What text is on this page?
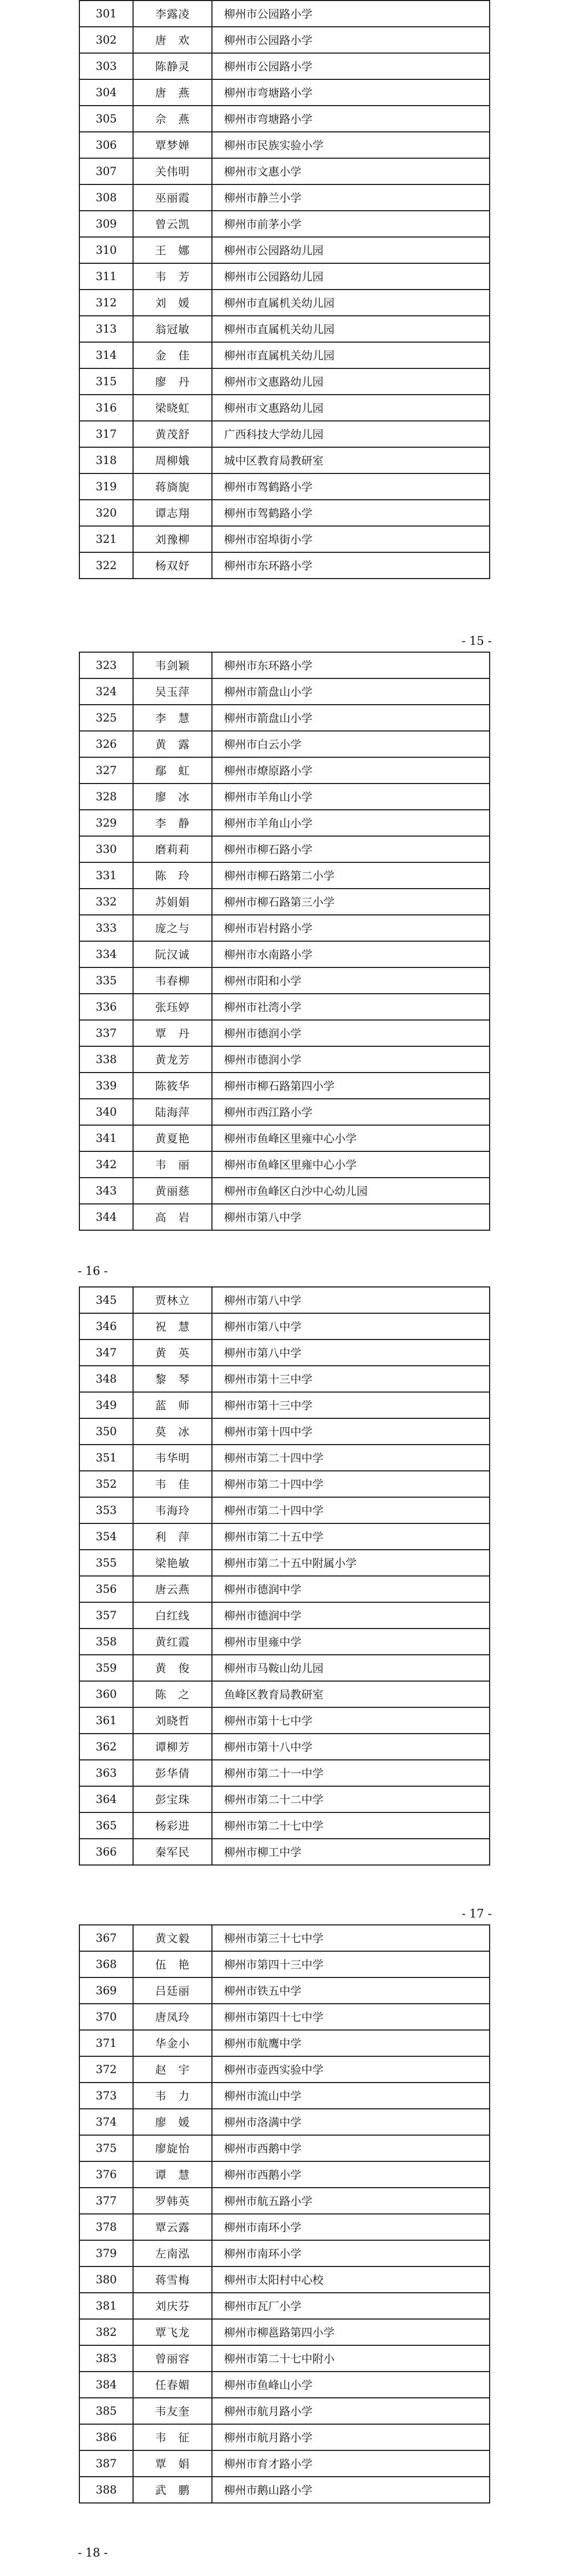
301	李露凌	柳州市公园路小学
302	唐　欢	柳州市公园路小学
303	陈静灵	柳州市公园路小学
304	唐　燕	柳州市弯塘路小学
305	佘　燕	柳州市弯塘路小学
306	覃梦婵	柳州市民族实验小学
307	关伟明	柳州市文惠小学
308	巫丽霞	柳州市静兰小学
309	曾云凯	柳州市前茅小学
310	王　娜	柳州市公园路幼儿园
311	韦　芳	柳州市公园路幼儿园
312	刘　媛	柳州市直属机关幼儿园
313	翁冠敏	柳州市直属机关幼儿园
314	金　佳	柳州市直属机关幼儿园
315	廖　丹	柳州市文惠路幼儿园
316	梁晓虹	柳州市文惠路幼儿园
317	黄茂舒	广西科技大学幼儿园
318	周柳娥	城中区教育局教研室
319	蒋旖旎	柳州市驾鹤路小学
320	谭志翔	柳州市驾鹤路小学
321	刘豫柳	柳州市窑埠街小学
322	杨双妤	柳州市东环路小学
- 15 -
323	韦剑颖	柳州市东环路小学
324	吴玉萍	柳州市箭盘山小学
325	李　慧	柳州市箭盘山小学
326	黄　露	柳州市白云小学
327	鄢　虹	柳州市燎原路小学
328	廖　冰	柳州市羊角山小学
329	李　静	柳州市羊角山小学
330	磨莉莉	柳州市柳石路小学
331	陈　玲	柳州市柳石路第二小学
332	苏娟娟	柳州市柳石路第三小学
333	庞之与	柳州市岩村路小学
334	阮汉诚	柳州市水南路小学
335	韦春柳	柳州市阳和小学
336	张珏婷	柳州市社湾小学
337	覃　丹	柳州市德润小学
338	黄龙芳	柳州市德润小学
339	陈筱华	柳州市柳石路第四小学
340	陆海萍	柳州市西江路小学
341	黄夏艳	柳州市鱼峰区里雍中心小学
342	韦　丽	柳州市鱼峰区里雍中心小学
343	黄丽慈	柳州市鱼峰区白沙中心幼儿园
344	高　岩	柳州市第八中学
- 16 -
345	贾林立	柳州市第八中学
346	祝　慧	柳州市第八中学
347	黄　英	柳州市第八中学
348	黎　琴	柳州市第十三中学
349	蓝　师	柳州市第十三中学
350	莫　冰	柳州市第十四中学
351	韦华明	柳州市第二十四中学
352	韦　佳	柳州市第二十四中学
353	韦海玲	柳州市第二十四中学
354	利　萍	柳州市第二十五中学
355	梁艳敏	柳州市第二十五中附属小学
356	唐云燕	柳州市德润中学
357	白红线	柳州市德润中学
358	黄红霞	柳州市里雍中学
359	黄　俊	柳州市马鞍山幼儿园
360	陈　之	鱼峰区教育局教研室
361	刘晓哲	柳州市第十七中学
362	谭柳芳	柳州市第十八中学
363	彭华倩	柳州市第二十一中学
364	彭宝珠	柳州市第二十二中学
365	杨彩进	柳州市第二十七中学
366	秦军民	柳州市柳工中学
- 17 -
367	黄文毅	柳州市第三十七中学
368	伍　艳	柳州市第四十三中学
369	吕廷丽	柳州市铁五中学
370	唐凤玲	柳州市第四十七中学
371	华金小	柳州市航鹰中学
372	赵　宇	柳州市壶西实验中学
373	韦　力	柳州市流山中学
374	廖　媛	柳州市洛满中学
375	廖旋怡	柳州市西鹅中学
376	谭　慧	柳州市西鹅小学
377	罗韩英	柳州市航五路小学
378	覃云露	柳州市南环小学
379	左南泓	柳州市南环小学
380	蒋雪梅	柳州市太阳村中心校
381	刘庆芬	柳州市瓦厂小学
382	覃飞龙	柳州市柳邕路第四小学
383	曾丽容	柳州市第二十七中附小
384	任春媚	柳州市鱼峰山小学
385	韦友奎	柳州市航月路小学
386	韦　征	柳州市航月路小学
387	覃　娟	柳州市育才路小学
388	武　鹏	柳州市鹅山路小学
- 18 -
